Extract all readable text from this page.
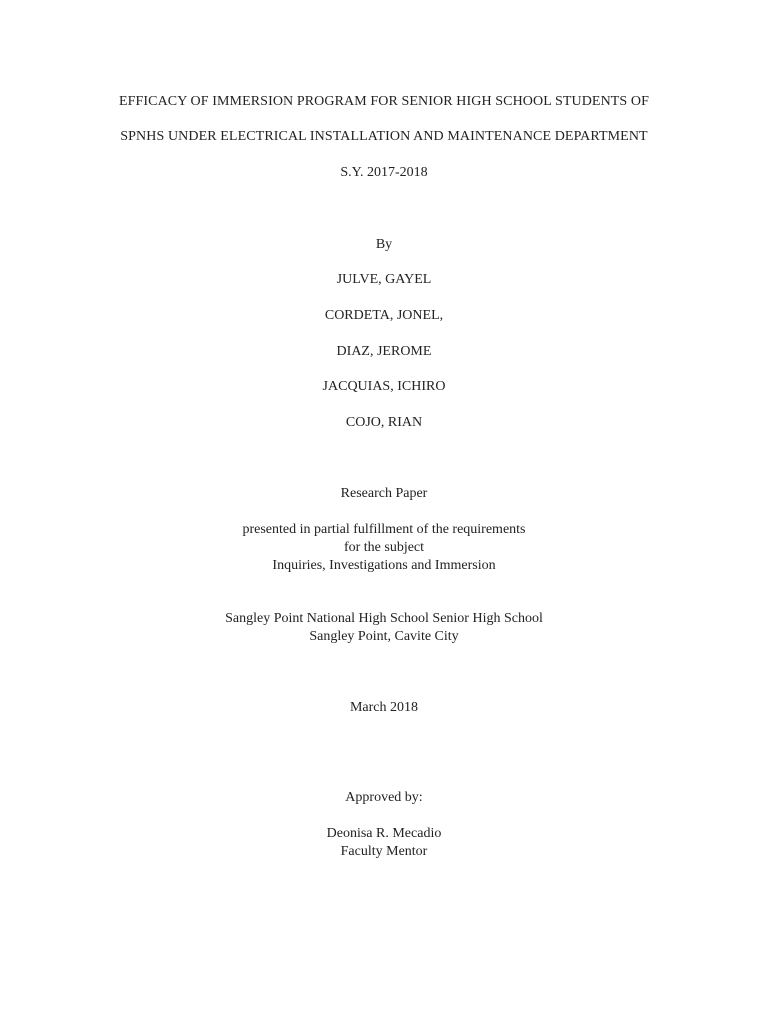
EFFICACY OF IMMERSION PROGRAM FOR SENIOR HIGH SCHOOL STUDENTS OF
SPNHS UNDER ELECTRICAL INSTALLATION AND MAINTENANCE DEPARTMENT
S.Y. 2017-2018
By
JULVE, GAYEL
CORDETA, JONEL,
DIAZ, JEROME
JACQUIAS, ICHIRO
COJO, RIAN
Research Paper
presented in partial fulfillment of the requirements
for the subject
Inquiries, Investigations and Immersion
Sangley Point National High School Senior High School
Sangley Point, Cavite City
March 2018
Approved by:
Deonisa R. Mecadio
Faculty Mentor
